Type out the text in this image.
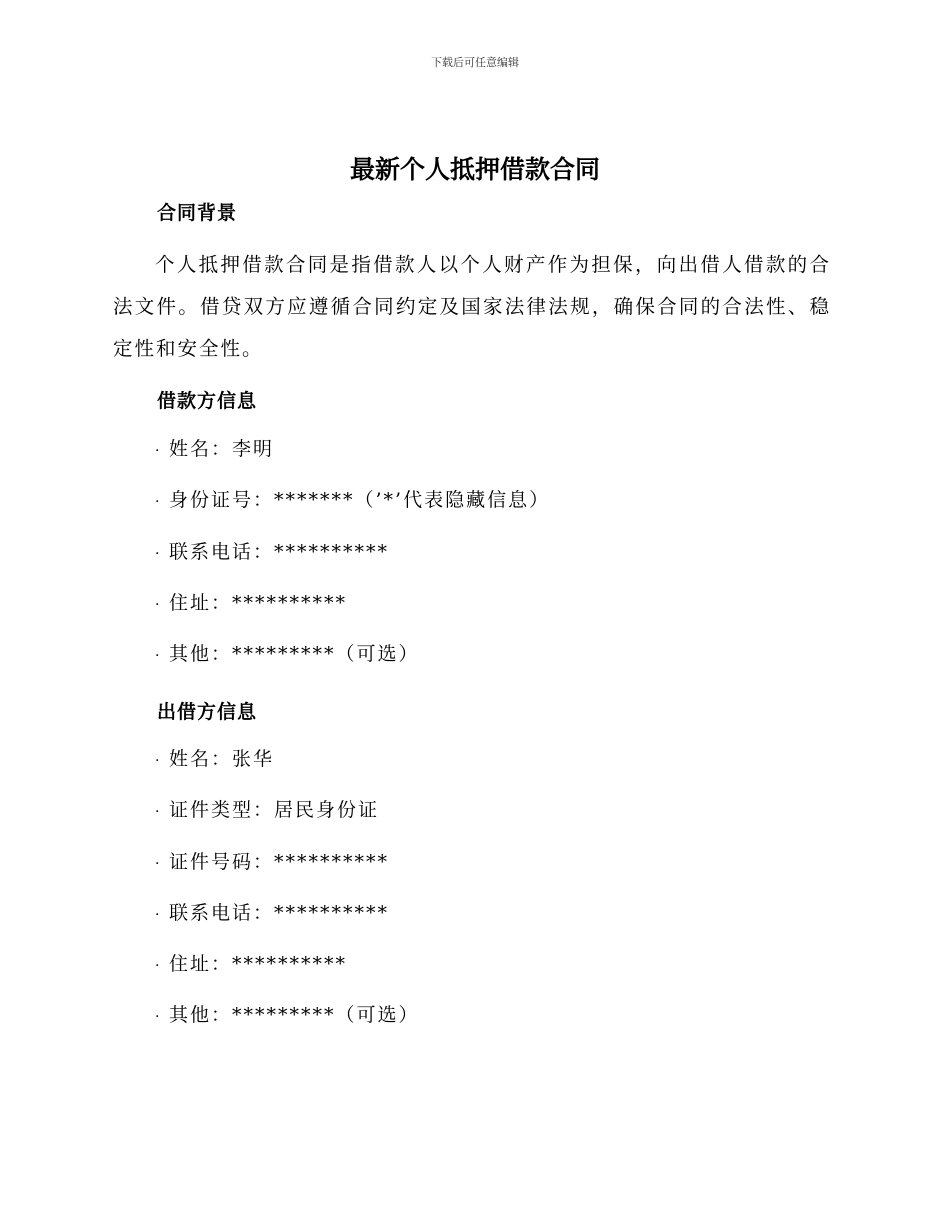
下载后可任意编辑
最新个人抵押借款合同
合同背景

个人抵押借款合同是指借款人以个人财产作为担保，向出借人借款的合法文件。借贷双方应遵循合同约定及国家法律法规，确保合同的合法性、稳定性和安全性。

借款方信息
· 姓名：李明
· 身份证号：*******（’*’代表隐藏信息）
· 联系电话：**********
· 住址：**********
· 其他：*********（可选）
出借方信息
· 姓名：张华
· 证件类型：居民身份证
· 证件号码：**********
· 联系电话：**********
· 住址：**********
· 其他：*********（可选）
